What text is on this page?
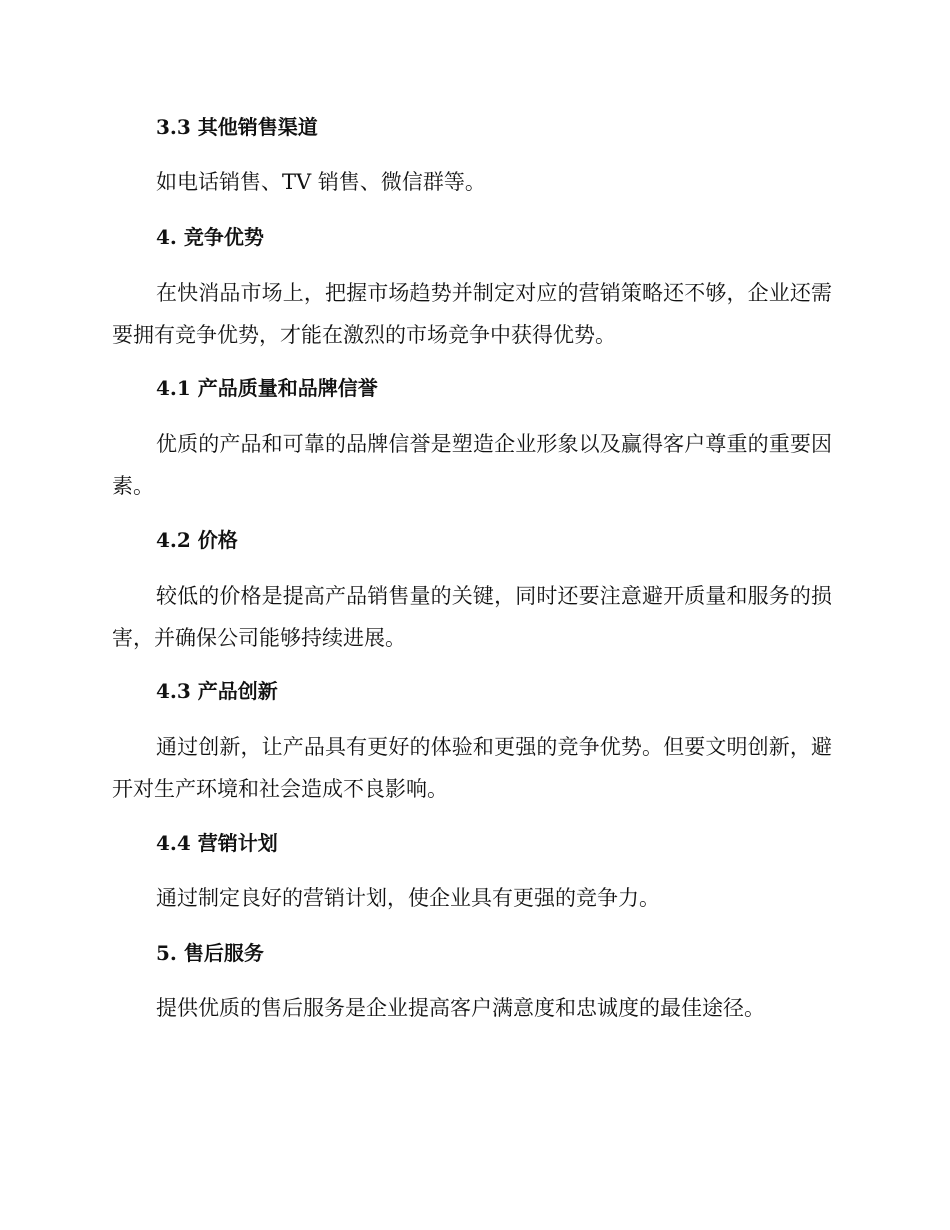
3.3 其他销售渠道

如电话销售、TV 销售、微信群等。

4. 竞争优势

在快消品市场上，把握市场趋势并制定对应的营销策略还不够，企业还需要拥有竞争优势，才能在激烈的市场竞争中获得优势。

4.1 产品质量和品牌信誉

优质的产品和可靠的品牌信誉是塑造企业形象以及赢得客户尊重的重要因素。

4.2 价格

较低的价格是提高产品销售量的关键，同时还要注意避开质量和服务的损害，并确保公司能够持续进展。

4.3 产品创新

通过创新，让产品具有更好的体验和更强的竞争优势。但要文明创新，避开对生产环境和社会造成不良影响。

4.4 营销计划

通过制定良好的营销计划，使企业具有更强的竞争力。

5. 售后服务

提供优质的售后服务是企业提高客户满意度和忠诚度的最佳途径。
